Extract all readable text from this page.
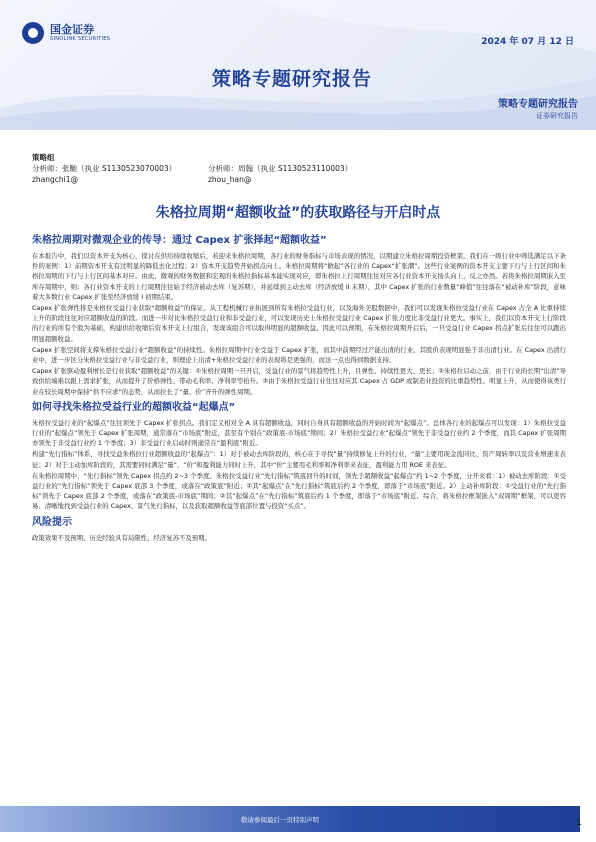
国金证券
SINOLINK SECURITIES	2024 年 07 月 12 日
策略专题研究报告
策略专题研究报告
证券研究报告
策略组
分析师：张馳（执业 S1130523070003）	分析师：周翰（执业 S1130523110003）
zhangchi1@	zhou_han@
朱格拉周期“超额收益”的获取路径与开启时点
朱格拉周期对微观企业的传导：通过 Capex 扩张择起“超额收益”

在本报告中，我们以资本开支为核心，探讨在供给持续收缩后，若迎来朱格拉周期，各行业的财务指标与市场表现的情况，以期建立朱格拉周期投资框架。我们在一级行业中筛选满足以下条件的案例：1）前期资本开支有过明显的降低去化过程；2）资本开支趋势开始拐点向上。朱格拉周期将“掀起”各行业的 Capex“扩张潮”。这些行业案例的资本开支主要下行与上行区间和朱格拉周期的下行与上行区间基本对应。由此，微观的财务数据和宏观的朱格拉指标基本能实现对应，即朱格拉上行周期往往对应各行业资本开支扬头向上，反之亦然。若将朱格拉周期嵌入至库存周期中，则：各行业资本开支的上行周期往往始于经济被动去库（复苏期），并延续到主动去库（经济放缓 II 末期），其中 Capex 扩张的行业数量“峰值”往往落在“被动补库”阶段，意味着大多数行业 Capex 扩张至经济放缓 I 初期结束。

Capex 扩张弹性将是朱格拉受益行业获取“超额收益”的保证。从工程机械行业拓展到所有朱格拉受益行业，以及海外美股数据中，我们可以发现朱格拉受益行业在 Capex 占全 A 比重持续上升的阶段往往对应超额收益的阶段。而进一步对比朱格拉受益行业和非受益行业，可以发现历史上朱格拉受益行业 Capex 扩张力度比非受益行业更大。事实上，我们以资本开支上行阶段的行业的所有个股为基础，构建供给收缩后资本开支上行组合，发现该组合可以取得明显的超额收益。因此可以预期，在朱格拉周期开启后，一旦受益行业 Capex 拐点扩张后往往可以跑出明显超额收益。

Capex 扩张空间将支撑朱格拉受益行业“超额收益”的持续性。朱格拉周期中行业受益于 Capex 扩张，而其中前期经过产能出清的行业，其股价表现明显强于非出清行业。在 Capex 出清行业中，进一步区分朱格拉受益行业与非受益行业，则理论上出清+朱格拉受益行业的表现将是更强的，而这一点也得到数据支持。

Capex 扩张驱动盈利增长是行业获取“超额收益”的关键：①朱格拉周期一旦开启，受益行业的景气将趋势性上升，且弹性、持续性更大、更长；②朱格拉启动之前，由于行业的长期“出清”导致供给端难以跟上需求扩张，从而提升了价格弹性、带动毛利率、净利率等抬升。③由于朱格拉受益行业往往对应其 Capex 占 GDP 或制造业投资的比重趋势性、明显上升，从而使得该类行业在较长周期中保持“供不应求”的态势，从而拉长了“量、价”齐升的弹性周期。

如何寻找朱格拉受益行业的超额收益“起爆点”

朱格拉受益行业的“起爆点”往往领先于 Capex 扩张拐点。我们定义相对全 A 具有超额收益，同时自身具有超额收益的开始时间为“起爆点”。总体各行业的起爆点可以发现：1）朱格拉受益行业的“起爆点”领先于 Capex 扩张周期，通常落在“市场底”附近，甚至有个别在“政策底-市场底”期间；2）朱格拉受益行业“起爆点”领先于非受益行业约 2 个季度，而其 Capex 扩张周期亦领先于非受益行业约 1 个季度；3）非受益行业启动时则通常在“盈利底”附近。

构建“先行指标”体系，寻找受益朱格拉行业超额收益的“起爆点”：1）对于被动去库阶段的，核心在于寻找“量”持续修复上升的行业，“量”主要用现金流同比、资产周转率以及营业增速来表征；2）对于主动加库阶段的，其需要同时满足“量”、“价”和盈利能力同时上升，其中“价”主要用毛利率和净利率来表征，盈利能力用 ROE 来表征。

在朱格拉周期中，“先行指标”领先 Capex 拐点约 2~3 个季度。朱格拉受益行业“先行指标”筑底回升的时间，领先于超额收益“起爆点”约 1~2 个季度，分开来看：1）被动去库阶段：①受益行业的“先行指标”领先于 Capex 底部 3 个季度，或落在“政策底”附近；②其“起爆点”在“先行指标”筑底后约 2 个季度，即落于“市场底”附近。2）主动补库阶段：①受益行业的“先行指标”领先于 Capex 底部 2 个季度，或落在“政策底-市场底”期间；②其“起爆点”在“先行指标”筑底后约 1 个季度，即落于“市场底”附近。综合，将朱格拉框架嵌入“双周期”框架，可以更容易、清晰地找到受益行业的 Capex、景气先行指标，以及获取超额收益等底部位置与投资“买点”。

风险提示

政策效果不及预期、历史经验具有局限性、经济复苏不及预期。

敬请参阅最后一页特别声明	1
